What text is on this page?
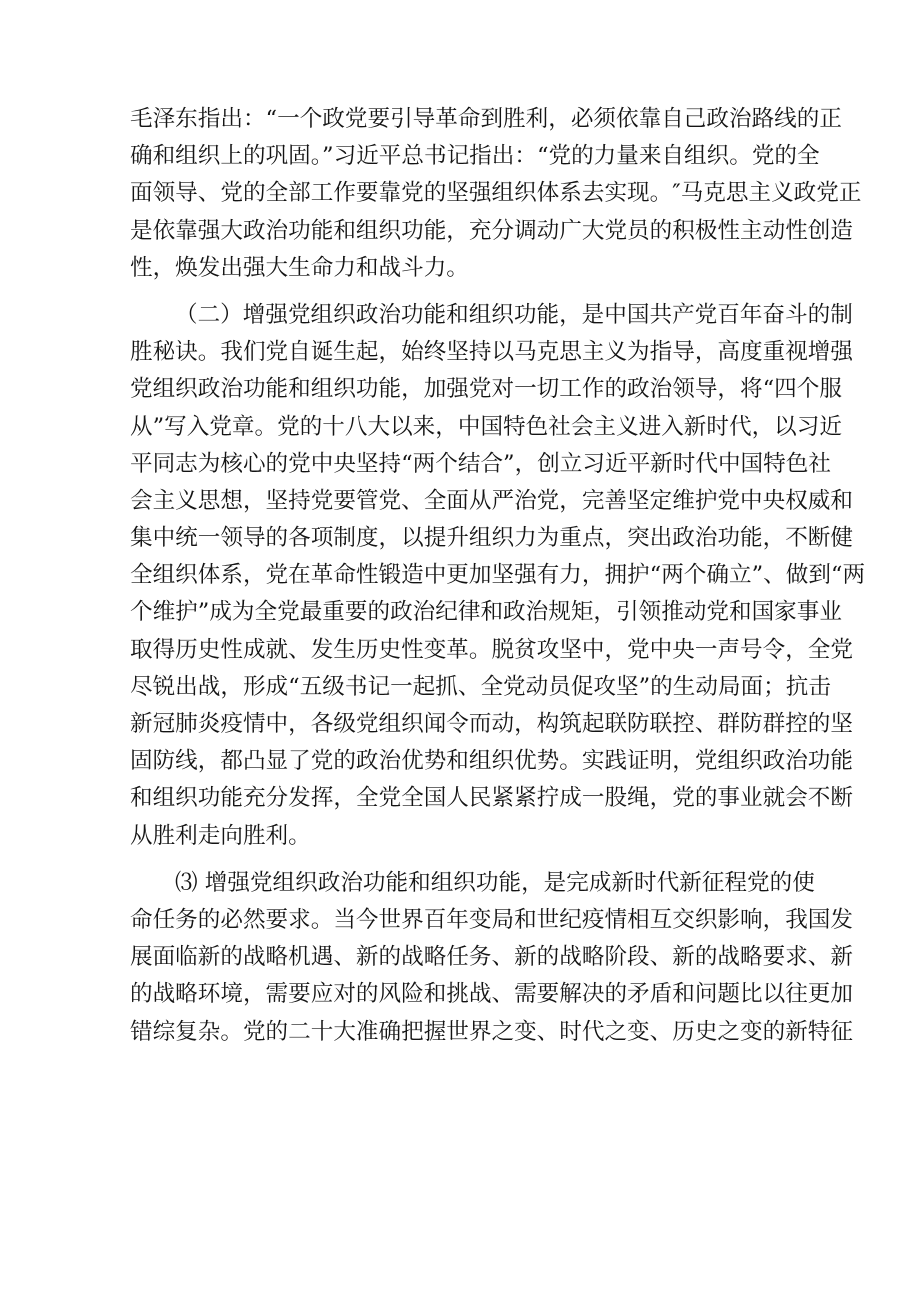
毛泽东指出：“一个政党要引导革命到胜利，必须依靠自己政治路线的正
确和组织上的巩固。”习近平总书记指出：“党的力量来自组织。党的全
面领导、党的全部工作要靠党的坚强组织体系去实现。″马克思主义政党正
是依靠强大政治功能和组织功能，充分调动广大党员的积极性主动性创造
性，焕发出强大生命力和战斗力。
（二）增强党组织政治功能和组织功能，是中国共产党百年奋斗的制
胜秘诀。我们党自诞生起，始终坚持以马克思主义为指导，高度重视增强
党组织政治功能和组织功能，加强党对一切工作的政治领导，将“四个服
从”写入党章。党的十八大以来，中国特色社会主义进入新时代，以习近
平同志为核心的党中央坚持“两个结合”，创立习近平新时代中国特色社
会主义思想，坚持党要管党、全面从严治党，完善坚定维护党中央权威和
集中统一领导的各项制度，以提升组织力为重点，突出政治功能，不断健
全组织体系，党在革命性锻造中更加坚强有力，拥护“两个确立”、做到“两
个维护”成为全党最重要的政治纪律和政治规矩，引领推动党和国家事业
取得历史性成就、发生历史性变革。脱贫攻坚中，党中央一声号令，全党
尽锐出战，形成“五级书记一起抓、全党动员促攻坚”的生动局面；抗击
新冠肺炎疫情中，各级党组织闻令而动，构筑起联防联控、群防群控的坚
固防线，都凸显了党的政治优势和组织优势。实践证明，党组织政治功能
和组织功能充分发挥，全党全国人民紧紧拧成一股绳，党的事业就会不断
从胜利走向胜利。
⑶ 增强党组织政治功能和组织功能，是完成新时代新征程党的使
命任务的必然要求。当今世界百年变局和世纪疫情相互交织影响，我国发
展面临新的战略机遇、新的战略任务、新的战略阶段、新的战略要求、新
的战略环境，需要应对的风险和挑战、需要解决的矛盾和问题比以往更加
错综复杂。党的二十大准确把握世界之变、时代之变、历史之变的新特征
